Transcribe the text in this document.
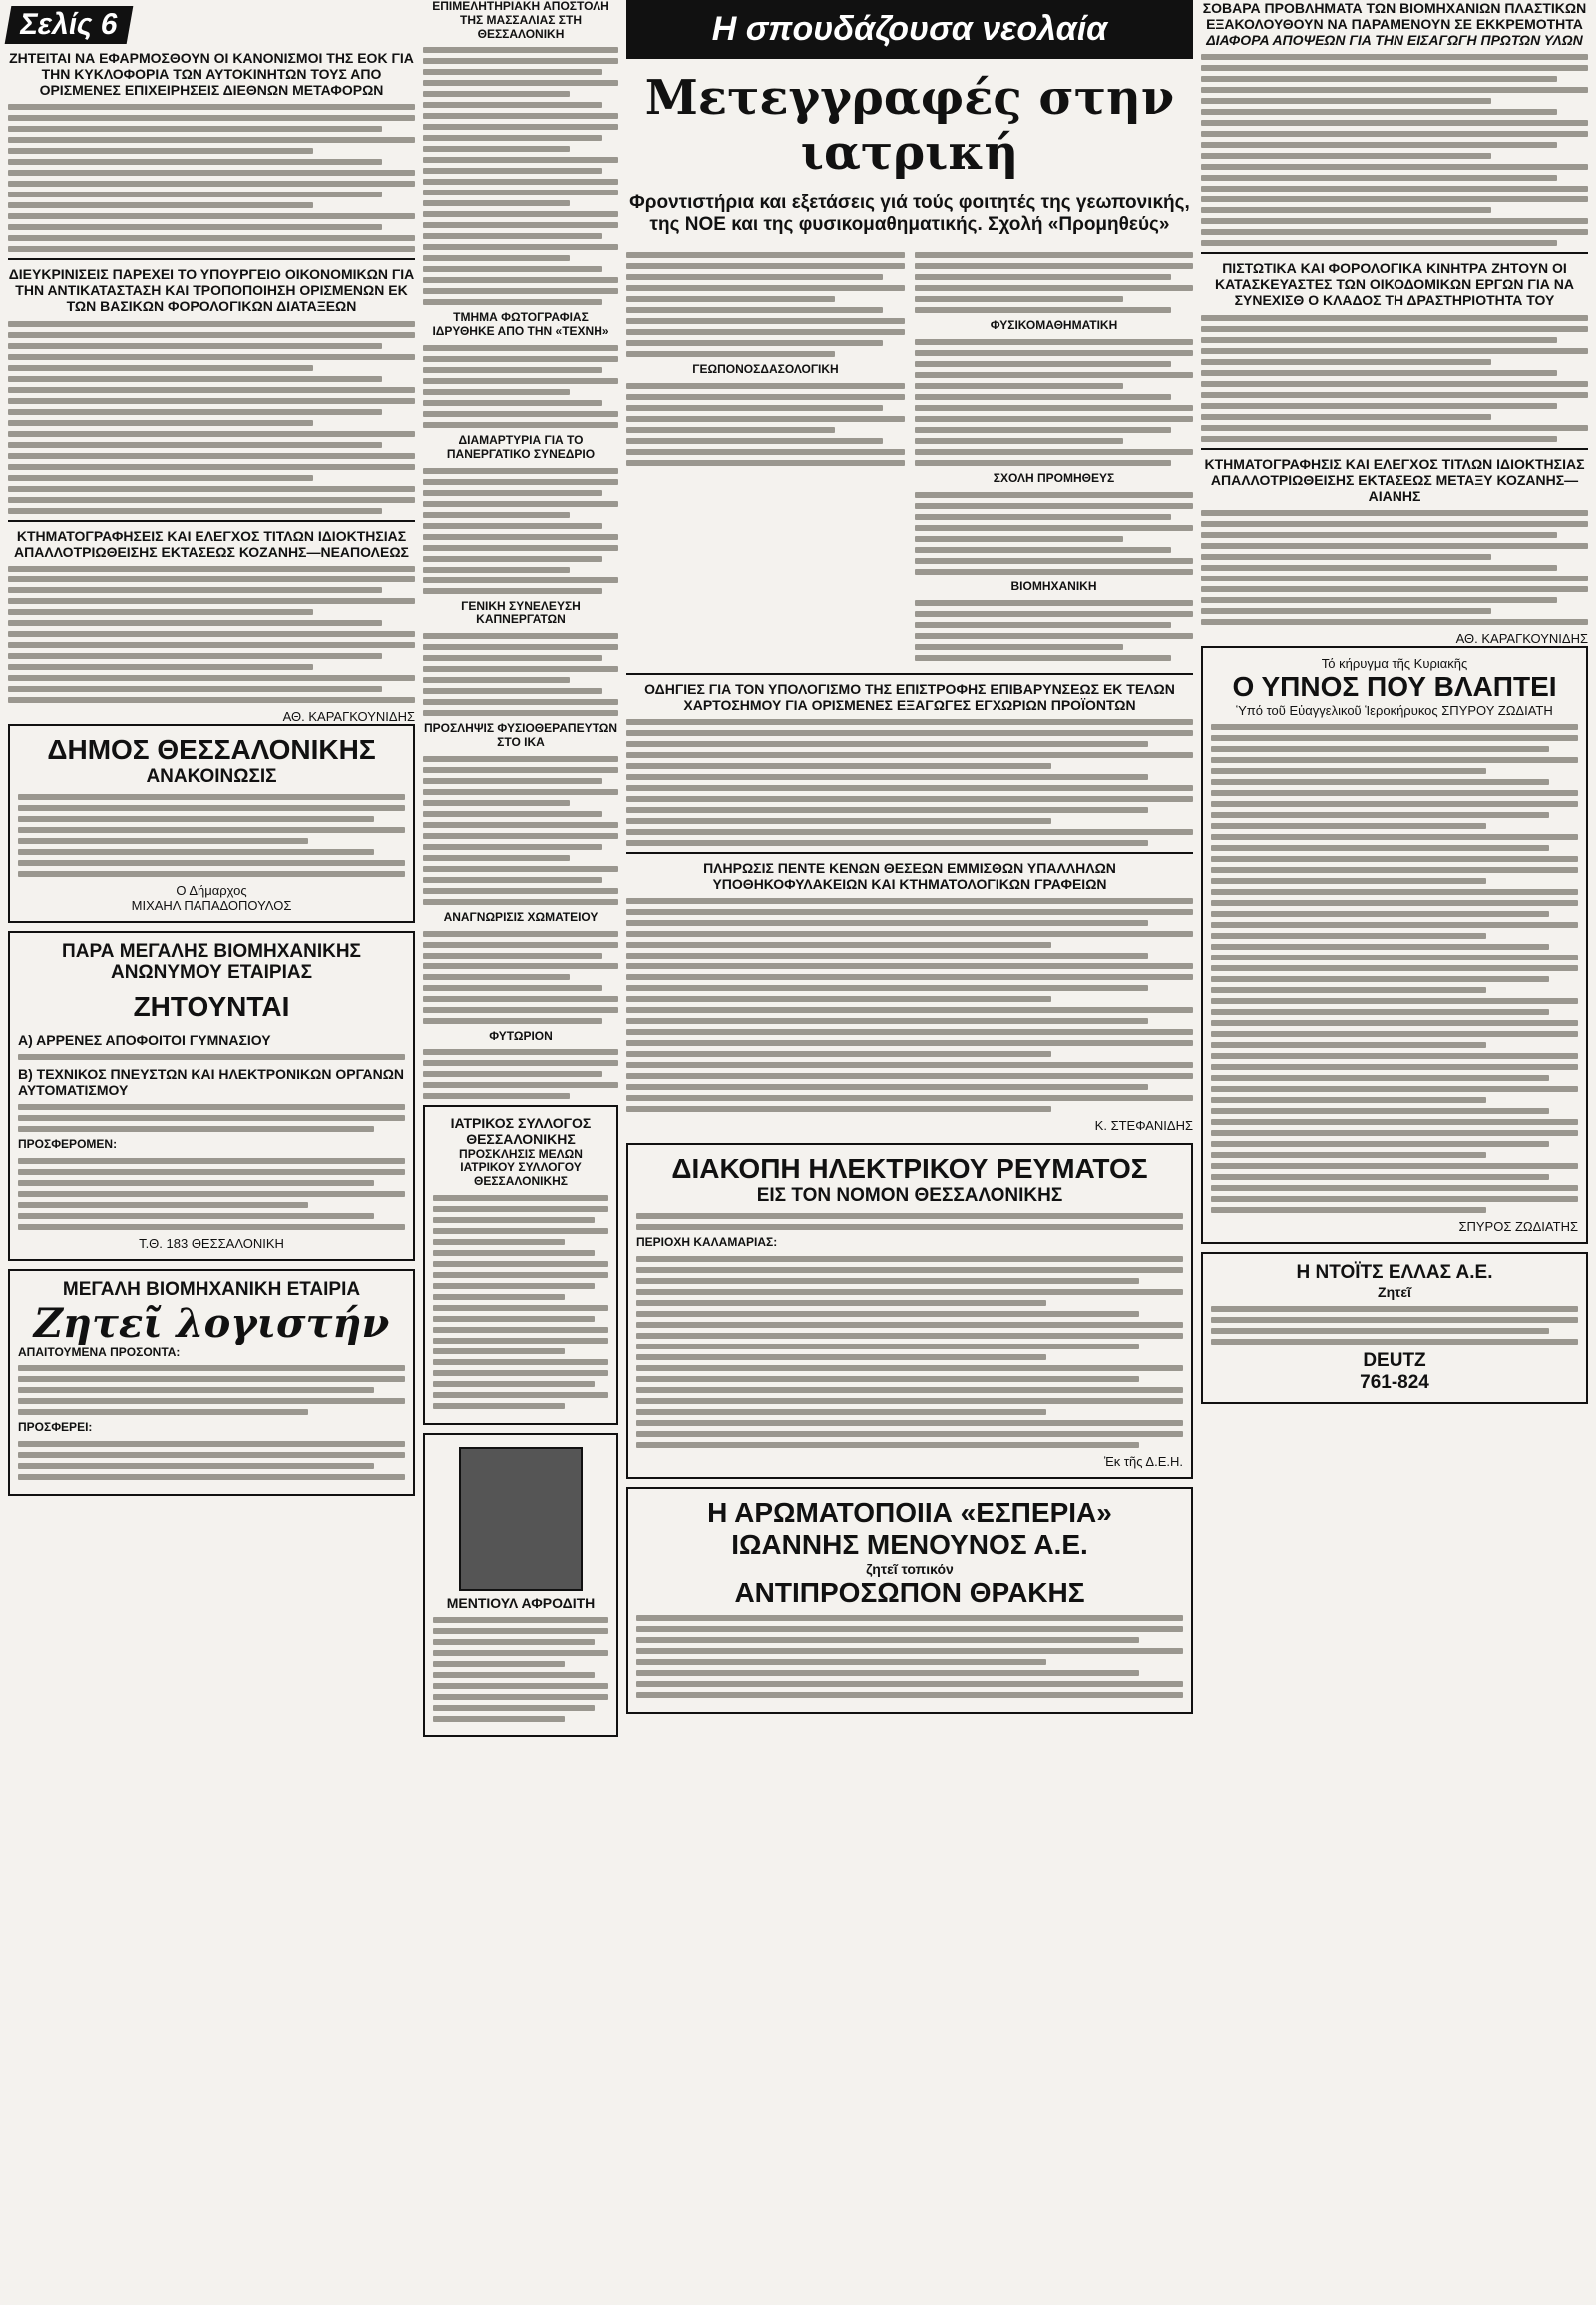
Σελίς 6
ΖΗΤΕΙΤΑΙ ΝΑ ΕΦΑΡΜΟΣΘΟΥΝ ΟΙ ΚΑΝΟΝΙΣΜΟΙ ΤΗΣ ΕΟΚ ΓΙΑ ΤΗΝ ΚΥΚΛΟΦΟΡΙΑ ΤΩΝ ΑΥΤΟΚΙΝΗΤΩΝ ΤΟΥΣ ΑΠΟ ΟΡΙΣΜΕΝΕΣ ΕΠΙΧΕΙΡΗΣΕΙΣ ΔΙΕΘΝΩΝ ΜΕΤΑΦΟΡΩΝ
ΔΙΕΥΚΡΙΝΙΣΕΙΣ ΠΑΡΕΧΕΙ ΤΟ ΥΠΟΥΡΓΕΙΟ ΟΙΚΟΝΟΜΙΚΩΝ ΓΙΑ ΤΗΝ ΑΝΤΙΚΑΤΑΣΤΑΣΗ ΚΑΙ ΤΡΟΠΟΠΟΙΗΣΗ ΟΡΙΣΜΕΝΩΝ ΕΚ ΤΩΝ ΒΑΣΙΚΩΝ ΦΟΡΟΛΟΓΙΚΩΝ ΔΙΑΤΑΞΕΩΝ
ΚΤΗΜΑΤΟΓΡΑΦΗΣΕΙΣ ΚΑΙ ΕΛΕΓΧΟΣ ΤΙΤΛΩΝ ΙΔΙΟΚΤΗΣΙΑΣ ΑΠΑΛΛΟΤΡΙΩΘΕΙΣΗΣ ΕΚΤΑΣΕΩΣ ΚΟΖΑΝΗΣ—ΝΕΑΠΟΛΕΩΣ
ΑΘ. ΚΑΡΑΓΚΟΥΝΙΔΗΣ
ΔΗΜΟΣ ΘΕΣΣΑΛΟΝΙΚΗΣ
ΑΝΑΚΟΙΝΩΣΙΣ
Ο Δήμαρχος
ΜΙΧΑΗΛ ΠΑΠΑΔΟΠΟΥΛΟΣ
ΠΑΡΑ ΜΕΓΑΛΗΣ ΒΙΟΜΗΧΑΝΙΚΗΣ
ΑΝΩΝΥΜΟΥ ΕΤΑΙΡΙΑΣ
ΖΗΤΟΥΝΤΑΙ
Α) ΑΡΡΕΝΕΣ ΑΠΟΦΟΙΤΟΙ ΓΥΜΝΑΣΙΟΥ
Β) ΤΕΧΝΙΚΟΣ ΠΝΕΥΣΤΩΝ ΚΑΙ ΗΛΕΚΤΡΟΝΙΚΩΝ ΟΡΓΑΝΩΝ ΑΥΤΟΜΑΤΙΣΜΟΥ
ΠΡΟΣΦΕΡΟΜΕΝ:
Τ.Θ. 183 ΘΕΣΣΑΛΟΝΙΚΗ
ΜΕΓΑΛΗ ΒΙΟΜΗΧΑΝΙΚΗ ΕΤΑΙΡΙΑ
Ζητεῖ λογιστήν
ΑΠΑΙΤΟΥΜΕΝΑ ΠΡΟΣΟΝΤΑ:
ΠΡΟΣΦΕΡΕΙ:
ΕΠΙΜΕΛΗΤΗΡΙΑΚΗ ΑΠΟΣΤΟΛΗ ΤΗΣ ΜΑΣΣΑΛΙΑΣ ΣΤΗ ΘΕΣΣΑΛΟΝΙΚΗ
ΤΜΗΜΑ ΦΩΤΟΓΡΑΦΙΑΣ ΙΔΡΥΘΗΚΕ ΑΠΟ ΤΗΝ «ΤΕΧΝΗ»
ΔΙΑΜΑΡΤΥΡΙΑ ΓΙΑ ΤΟ ΠΑΝΕΡΓΑΤΙΚΟ ΣΥΝΕΔΡΙΟ
ΓΕΝΙΚΗ ΣΥΝΕΛΕΥΣΗ ΚΑΠΝΕΡΓΑΤΩΝ
ΠΡΟΣΛΗΨΙΣ ΦΥΣΙΟΘΕΡΑΠΕΥΤΩΝ ΣΤΟ ΙΚΑ
ΑΝΑΓΝΩΡΙΣΙΣ ΧΩΜΑΤΕΙΟΥ
ΦΥΤΩΡΙΟΝ
ΙΑΤΡΙΚΟΣ ΣΥΛΛΟΓΟΣ ΘΕΣΣΑΛΟΝΙΚΗΣ
ΠΡΟΣΚΛΗΣΙΣ ΜΕΛΩΝ ΙΑΤΡΙΚΟΥ ΣΥΛΛΟΓΟΥ ΘΕΣΣΑΛΟΝΙΚΗΣ
ΜΕΝΤΙΟΥΛ ΑΦΡΟΔΙΤΗ
Η σπουδάζουσα νεολαία
Μετεγγραφές στην ιατρική
Φροντιστήρια και εξετάσεις γιά τούς φοιτητές της γεωπονικής, της ΝΟΕ και της φυσικομαθηματικής. Σχολή «Προμηθεύς»
ΓΕΩΠΟΝΟΣΔΑΣΟΛΟΓΙΚΗ
ΦΥΣΙΚΟΜΑΘΗΜΑΤΙΚΗ
ΣΧΟΛΗ ΠΡΟΜΗΘΕΥΣ
ΒΙΟΜΗΧΑΝΙΚΗ
ΟΔΗΓΙΕΣ ΓΙΑ ΤΟΝ ΥΠΟΛΟΓΙΣΜΟ ΤΗΣ ΕΠΙΣΤΡΟΦΗΣ ΕΠΙΒΑΡΥΝΣΕΩΣ ΕΚ ΤΕΛΩΝ ΧΑΡΤΟΣΗΜΟΥ ΓΙΑ ΟΡΙΣΜΕΝΕΣ ΕΞΑΓΩΓΕΣ ΕΓΧΩΡΙΩΝ ΠΡΟΪΟΝΤΩΝ
ΠΛΗΡΩΣΙΣ ΠΕΝΤΕ ΚΕΝΩΝ ΘΕΣΕΩΝ ΕΜΜΙΣΘΩΝ ΥΠΑΛΛΗΛΩΝ ΥΠΟΘΗΚΟΦΥΛΑΚΕΙΩΝ ΚΑΙ ΚΤΗΜΑΤΟΛΟΓΙΚΩΝ ΓΡΑΦΕΙΩΝ
Κ. ΣΤΕΦΑΝΙΔΗΣ
ΔΙΑΚΟΠΗ ΗΛΕΚΤΡΙΚΟΥ ΡΕΥΜΑΤΟΣ
ΕΙΣ ΤΟΝ ΝΟΜΟΝ ΘΕΣΣΑΛΟΝΙΚΗΣ
ΠΕΡΙΟΧΗ ΚΑΛΑΜΑΡΙΑΣ:
Ἐκ τῆς Δ.Ε.Η.
Η ΑΡΩΜΑΤΟΠΟΙΙΑ «ΕΣΠΕΡΙΑ»
ΙΩΑΝΝΗΣ ΜΕΝΟΥΝΟΣ Α.Ε.
ζητεῖ τοπικόν
ΑΝΤΙΠΡΟΣΩΠΟΝ ΘΡΑΚΗΣ
ΣΟΒΑΡΑ ΠΡΟΒΛΗΜΑΤΑ ΤΩΝ ΒΙΟΜΗΧΑΝΙΩΝ ΠΛΑΣΤΙΚΩΝ ΕΞΑΚΟΛΟΥΘΟΥΝ ΝΑ ΠΑΡΑΜΕΝΟΥΝ ΣΕ ΕΚΚΡΕΜΟΤΗΤΑ
ΔΙΑΦΟΡΑ ΑΠΟΨΕΩΝ ΓΙΑ ΤΗΝ ΕΙΣΑΓΩΓΗ ΠΡΩΤΩΝ ΥΛΩΝ
ΠΙΣΤΩΤΙΚΑ ΚΑΙ ΦΟΡΟΛΟΓΙΚΑ ΚΙΝΗΤΡΑ ΖΗΤΟΥΝ ΟΙ ΚΑΤΑΣΚΕΥΑΣΤΕΣ ΤΩΝ ΟΙΚΟΔΟΜΙΚΩΝ ΕΡΓΩΝ ΓΙΑ ΝΑ ΣΥΝΕΧΙΣΘ Ο ΚΛΑΔΟΣ ΤΗ ΔΡΑΣΤΗΡΙΟΤΗΤΑ ΤΟΥ
ΚΤΗΜΑΤΟΓΡΑΦΗΣΙΣ ΚΑΙ ΕΛΕΓΧΟΣ ΤΙΤΛΩΝ ΙΔΙΟΚΤΗΣΙΑΣ ΑΠΑΛΛΟΤΡΙΩΘΕΙΣΗΣ ΕΚΤΑΣΕΩΣ ΜΕΤΑΞΥ ΚΟΖΑΝΗΣ—ΑΙΑΝΗΣ
ΑΘ. ΚΑΡΑΓΚΟΥΝΙΔΗΣ
Τό κήρυγμα τῆς Κυριακῆς
Ο ΥΠΝΟΣ ΠΟΥ ΒΛΑΠΤΕΙ
Ὑπό τοῦ Εὐαγγελικοῦ Ἱεροκήρυκος ΣΠΥΡΟΥ ΖΩΔΙΑΤΗ
ΣΠΥΡΟΣ ΖΩΔΙΑΤΗΣ
Η ΝΤΟΪΤΣ ΕΛΛΑΣ Α.Ε.
Ζητεῖ
DEUTZ
761-824
